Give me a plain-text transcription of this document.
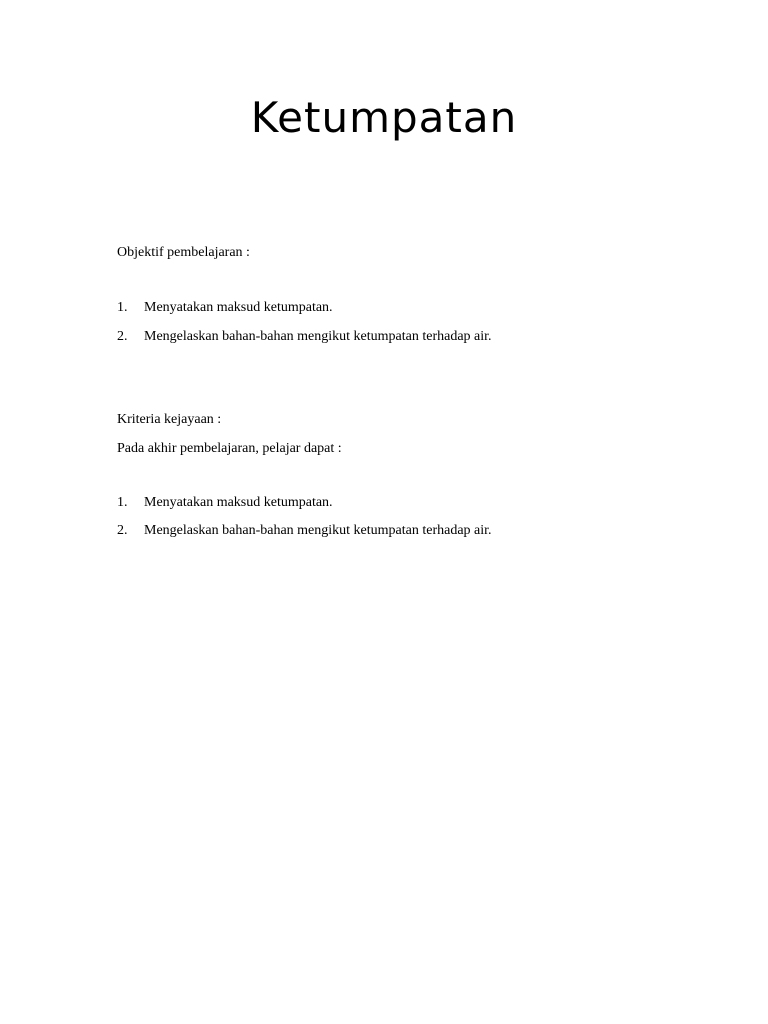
Ketumpatan
Objektif pembelajaran :
1. Menyatakan maksud ketumpatan.
2. Mengelaskan bahan-bahan mengikut ketumpatan terhadap air.
Kriteria kejayaan :
Pada akhir pembelajaran, pelajar dapat :
1. Menyatakan maksud ketumpatan.
2. Mengelaskan bahan-bahan mengikut ketumpatan terhadap air.
